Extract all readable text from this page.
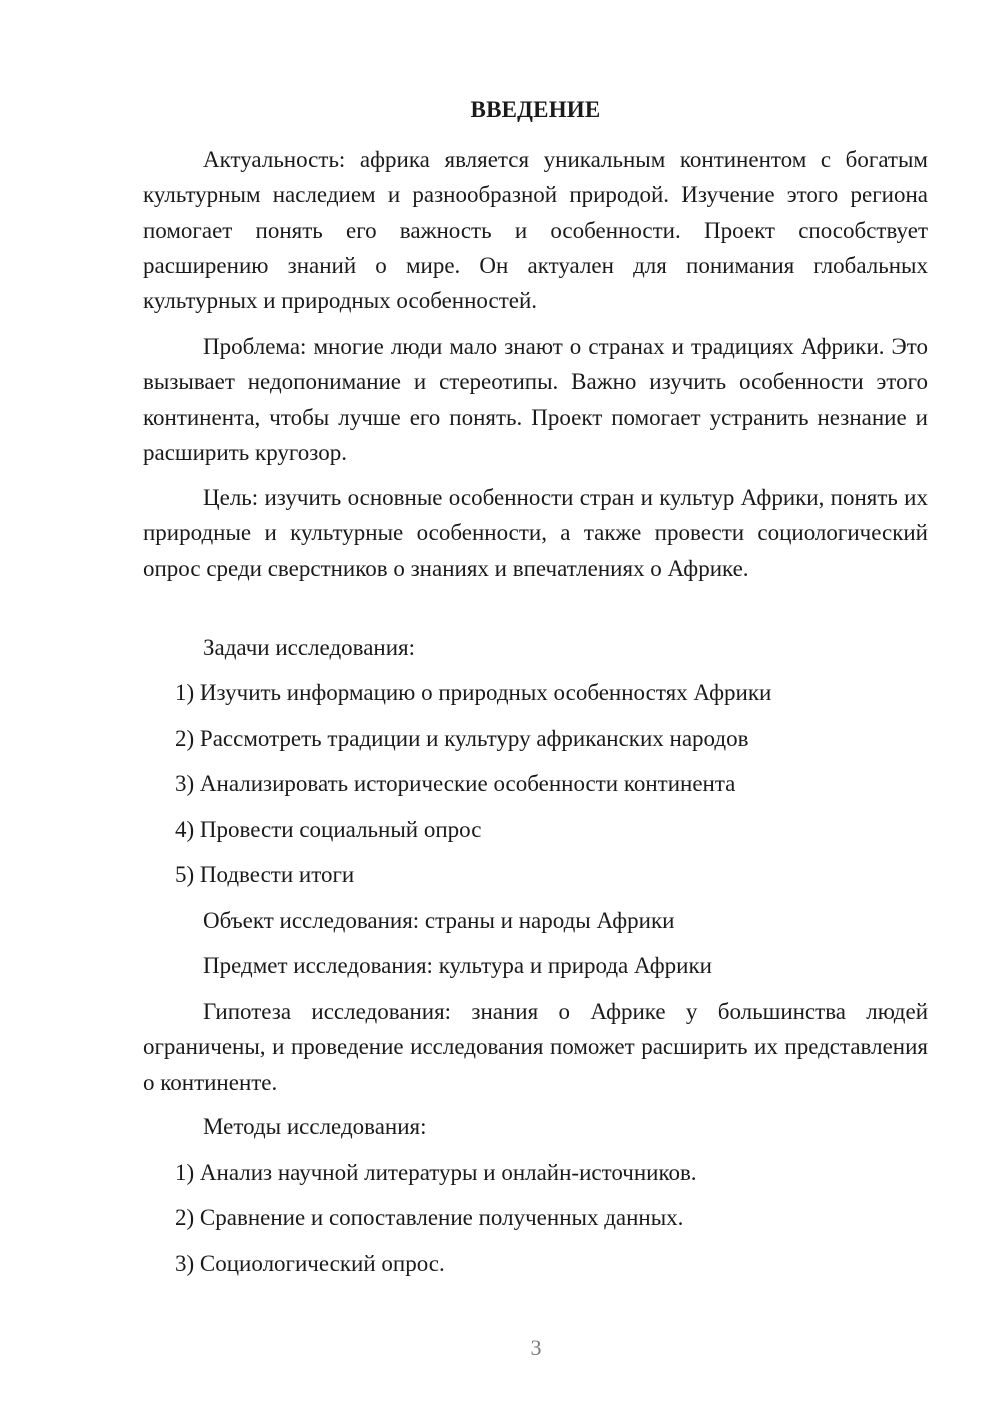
ВВЕДЕНИЕ

Актуальность: африка является уникальным континентом с богатым культурным наследием и разнообразной природой. Изучение этого региона помогает понять его важность и особенности. Проект способствует расширению знаний о мире. Он актуален для понимания глобальных культурных и природных особенностей.

Проблема: многие люди мало знают о странах и традициях Африки. Это вызывает недопонимание и стереотипы. Важно изучить особенности этого континента, чтобы лучше его понять. Проект помогает устранить незнание и расширить кругозор.

Цель: изучить основные особенности стран и культур Африки, понять их природные и культурные особенности, а также провести социологический опрос среди сверстников о знаниях и впечатлениях о Африке.

Задачи исследования:

1) Изучить информацию о природных особенностях Африки

2) Рассмотреть традиции и культуру африканских народов

3) Анализировать исторические особенности континента

4) Провести социальный опрос

5) Подвести итоги

Объект исследования: страны и народы Африки

Предмет исследования: культура и природа Африки

Гипотеза исследования: знания о Африке у большинства людей ограничены, и проведение исследования поможет расширить их представления о континенте.

Методы исследования:

1) Анализ научной литературы и онлайн-источников.

2) Сравнение и сопоставление полученных данных.

3) Социологический опрос.

3
